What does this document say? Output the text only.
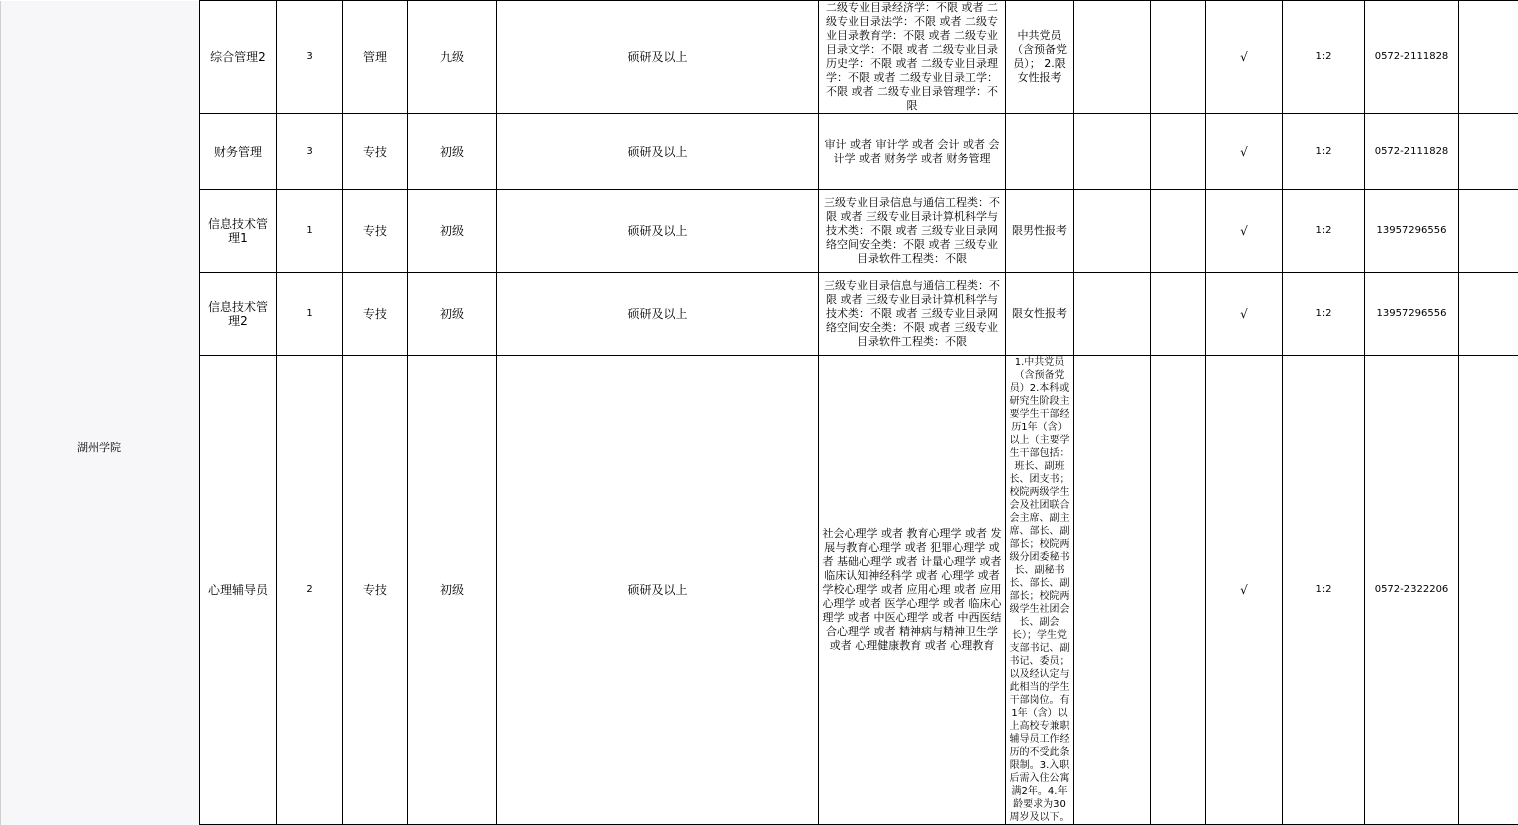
湖州学院	综合管理2	3	管理	九级	硕研及以上	二级专业目录经济学：不限 或者 二级专业目录法学：不限 或者 二级专业目录教育学：不限 或者 二级专业目录文学：不限 或者 二级专业目录历史学：不限 或者 二级专业目录理学：不限 或者 二级专业目录工学：不限 或者 二级专业目录管理学：不限	中共党员（含预备党员）； 2.限女性报考			√	1:2	0572-2111828	
	财务管理	3	专技	初级	硕研及以上	审计 或者 审计学 或者 会计 或者 会计学 或者 财务学 或者 财务管理				√	1:2	0572-2111828	
	信息技术管理1	1	专技	初级	硕研及以上	三级专业目录信息与通信工程类：不限 或者 三级专业目录计算机科学与技术类：不限 或者 三级专业目录网络空间安全类：不限 或者 三级专业目录软件工程类：不限	限男性报考			√	1:2	13957296556	
	信息技术管理2	1	专技	初级	硕研及以上	三级专业目录信息与通信工程类：不限 或者 三级专业目录计算机科学与技术类：不限 或者 三级专业目录网络空间安全类：不限 或者 三级专业目录软件工程类：不限	限女性报考			√	1:2	13957296556	
	心理辅导员	2	专技	初级	硕研及以上	社会心理学 或者 教育心理学 或者 发展与教育心理学 或者 犯罪心理学 或者 基础心理学 或者 计量心理学 或者 临床认知神经科学 或者 心理学 或者 学校心理学 或者 应用心理 或者 应用心理学 或者 医学心理学 或者 临床心理学 或者 中医心理学 或者 中西医结合心理学 或者 精神病与精神卫生学 或者 心理健康教育 或者 心理教育	1.中共党员（含预备党员）2.本科或研究生阶段主要学生干部经历1年（含）以上（主要学生干部包括：班长、副班长、团支书；校院两级学生会及社团联合会主席、副主席、部长、副部长；校院两级分团委秘书长、副秘书长、部长、副部长；校院两级学生社团会长、副会长）；学生党支部书记、副书记、委员；以及经认定与此相当的学生干部岗位。有1年（含）以上高校专兼职辅导员工作经历的不受此条限制。3.入职后需入住公寓满2年。4.年龄要求为30周岁及以下。			√	1:2	0572-2322206	
